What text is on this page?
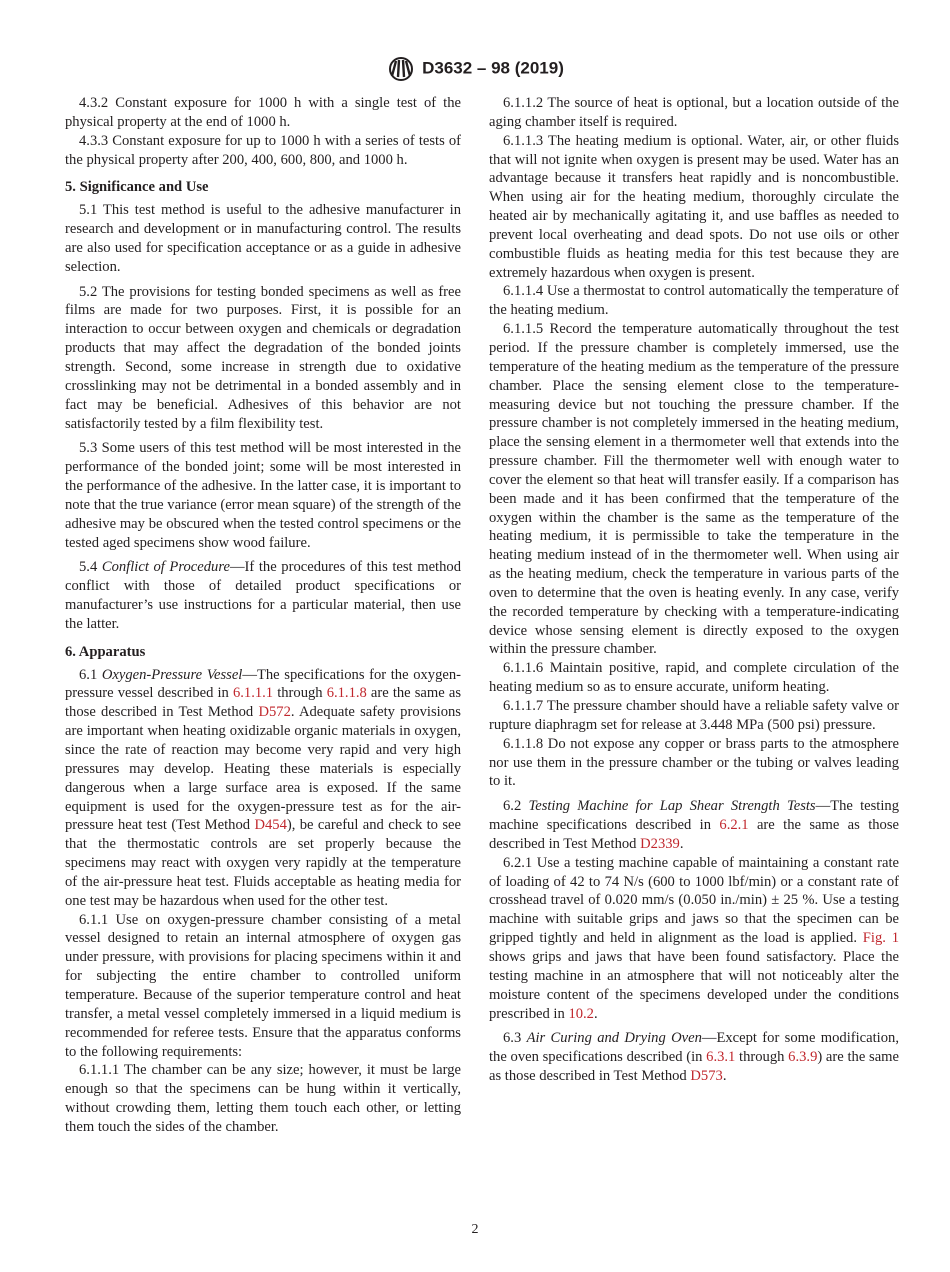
D3632 – 98 (2019)

4.3.2 Constant exposure for 1000 h with a single test of the physical property at the end of 1000 h.

4.3.3 Constant exposure for up to 1000 h with a series of tests of the physical property after 200, 400, 600, 800, and 1000 h.

5. Significance and Use

5.1 This test method is useful to the adhesive manufacturer in research and development or in manufacturing control. The results are also used for specification acceptance or as a guide in adhesive selection.

5.2 The provisions for testing bonded specimens as well as free films are made for two purposes. First, it is possible for an interaction to occur between oxygen and chemicals or degradation products that may affect the degradation of the bonded joints strength. Second, some increase in strength due to oxidative crosslinking may not be detrimental in a bonded assembly and in fact may be beneficial. Adhesives of this behavior are not satisfactorily tested by a film flexibility test.

5.3 Some users of this test method will be most interested in the performance of the bonded joint; some will be most interested in the performance of the adhesive. In the latter case, it is important to note that the true variance (error mean square) of the strength of the adhesive may be obscured when the tested control specimens or the tested aged specimens show wood failure.

5.4 Conflict of Procedure—If the procedures of this test method conflict with those of detailed product specifications or manufacturer’s use instructions for a particular material, then use the latter.

6. Apparatus

6.1 Oxygen-Pressure Vessel—The specifications for the oxygen-pressure vessel described in 6.1.1.1 through 6.1.1.8 are the same as those described in Test Method D572. Adequate safety provisions are important when heating oxidizable organic materials in oxygen, since the rate of reaction may become very rapid and very high pressures may develop. Heating these materials is especially dangerous when a large surface area is exposed. If the same equipment is used for the oxygen-pressure test as for the air-pressure heat test (Test Method D454), be careful and check to see that the thermostatic controls are set properly because the specimens may react with oxygen very rapidly at the temperature of the air-pressure heat test. Fluids acceptable as heating media for one test may be hazardous when used for the other test.

6.1.1 Use on oxygen-pressure chamber consisting of a metal vessel designed to retain an internal atmosphere of oxygen gas under pressure, with provisions for placing specimens within it and for subjecting the entire chamber to controlled uniform temperature. Because of the superior temperature control and heat transfer, a metal vessel completely immersed in a liquid medium is recommended for referee tests. Ensure that the apparatus conforms to the following requirements:

6.1.1.1 The chamber can be any size; however, it must be large enough so that the specimens can be hung within it vertically, without crowding them, letting them touch each other, or letting them touch the sides of the chamber.

6.1.1.2 The source of heat is optional, but a location outside of the aging chamber itself is required.

6.1.1.3 The heating medium is optional. Water, air, or other fluids that will not ignite when oxygen is present may be used. Water has an advantage because it transfers heat rapidly and is noncombustible. When using air for the heating medium, thoroughly circulate the heated air by mechanically agitating it, and use baffles as needed to prevent local overheating and dead spots. Do not use oils or other combustible fluids as heating media for this test because they are extremely hazardous when oxygen is present.

6.1.1.4 Use a thermostat to control automatically the temperature of the heating medium.

6.1.1.5 Record the temperature automatically throughout the test period. If the pressure chamber is completely immersed, use the temperature of the heating medium as the temperature of the pressure chamber. Place the sensing element close to the temperature-measuring device but not touching the pressure chamber. If the pressure chamber is not completely immersed in the heating medium, place the sensing element in a thermometer well that extends into the pressure chamber. Fill the thermometer well with enough water to cover the element so that heat will transfer easily. If a comparison has been made and it has been confirmed that the temperature of the oxygen within the chamber is the same as the temperature of the heating medium, it is permissible to take the temperature in the heating medium instead of in the thermometer well. When using air as the heating medium, check the temperature in various parts of the oven to determine that the oven is heating evenly. In any case, verify the recorded temperature by checking with a temperature-indicating device whose sensing element is directly exposed to the oxygen within the pressure chamber.

6.1.1.6 Maintain positive, rapid, and complete circulation of the heating medium so as to ensure accurate, uniform heating.

6.1.1.7 The pressure chamber should have a reliable safety valve or rupture diaphragm set for release at 3.448 MPa (500 psi) pressure.

6.1.1.8 Do not expose any copper or brass parts to the atmosphere nor use them in the pressure chamber or the tubing or valves leading to it.

6.2 Testing Machine for Lap Shear Strength Tests—The testing machine specifications described in 6.2.1 are the same as those described in Test Method D2339.

6.2.1 Use a testing machine capable of maintaining a constant rate of loading of 42 to 74 N/s (600 to 1000 lbf/min) or a constant rate of crosshead travel of 0.020 mm/s (0.050 in./min) ± 25 %. Use a testing machine with suitable grips and jaws so that the specimen can be gripped tightly and held in alignment as the load is applied. Fig. 1 shows grips and jaws that have been found satisfactory. Place the testing machine in an atmosphere that will not noticeably alter the moisture content of the specimens developed under the conditions prescribed in 10.2.

6.3 Air Curing and Drying Oven—Except for some modification, the oven specifications described (in 6.3.1 through 6.3.9) are the same as those described in Test Method D573.

2
